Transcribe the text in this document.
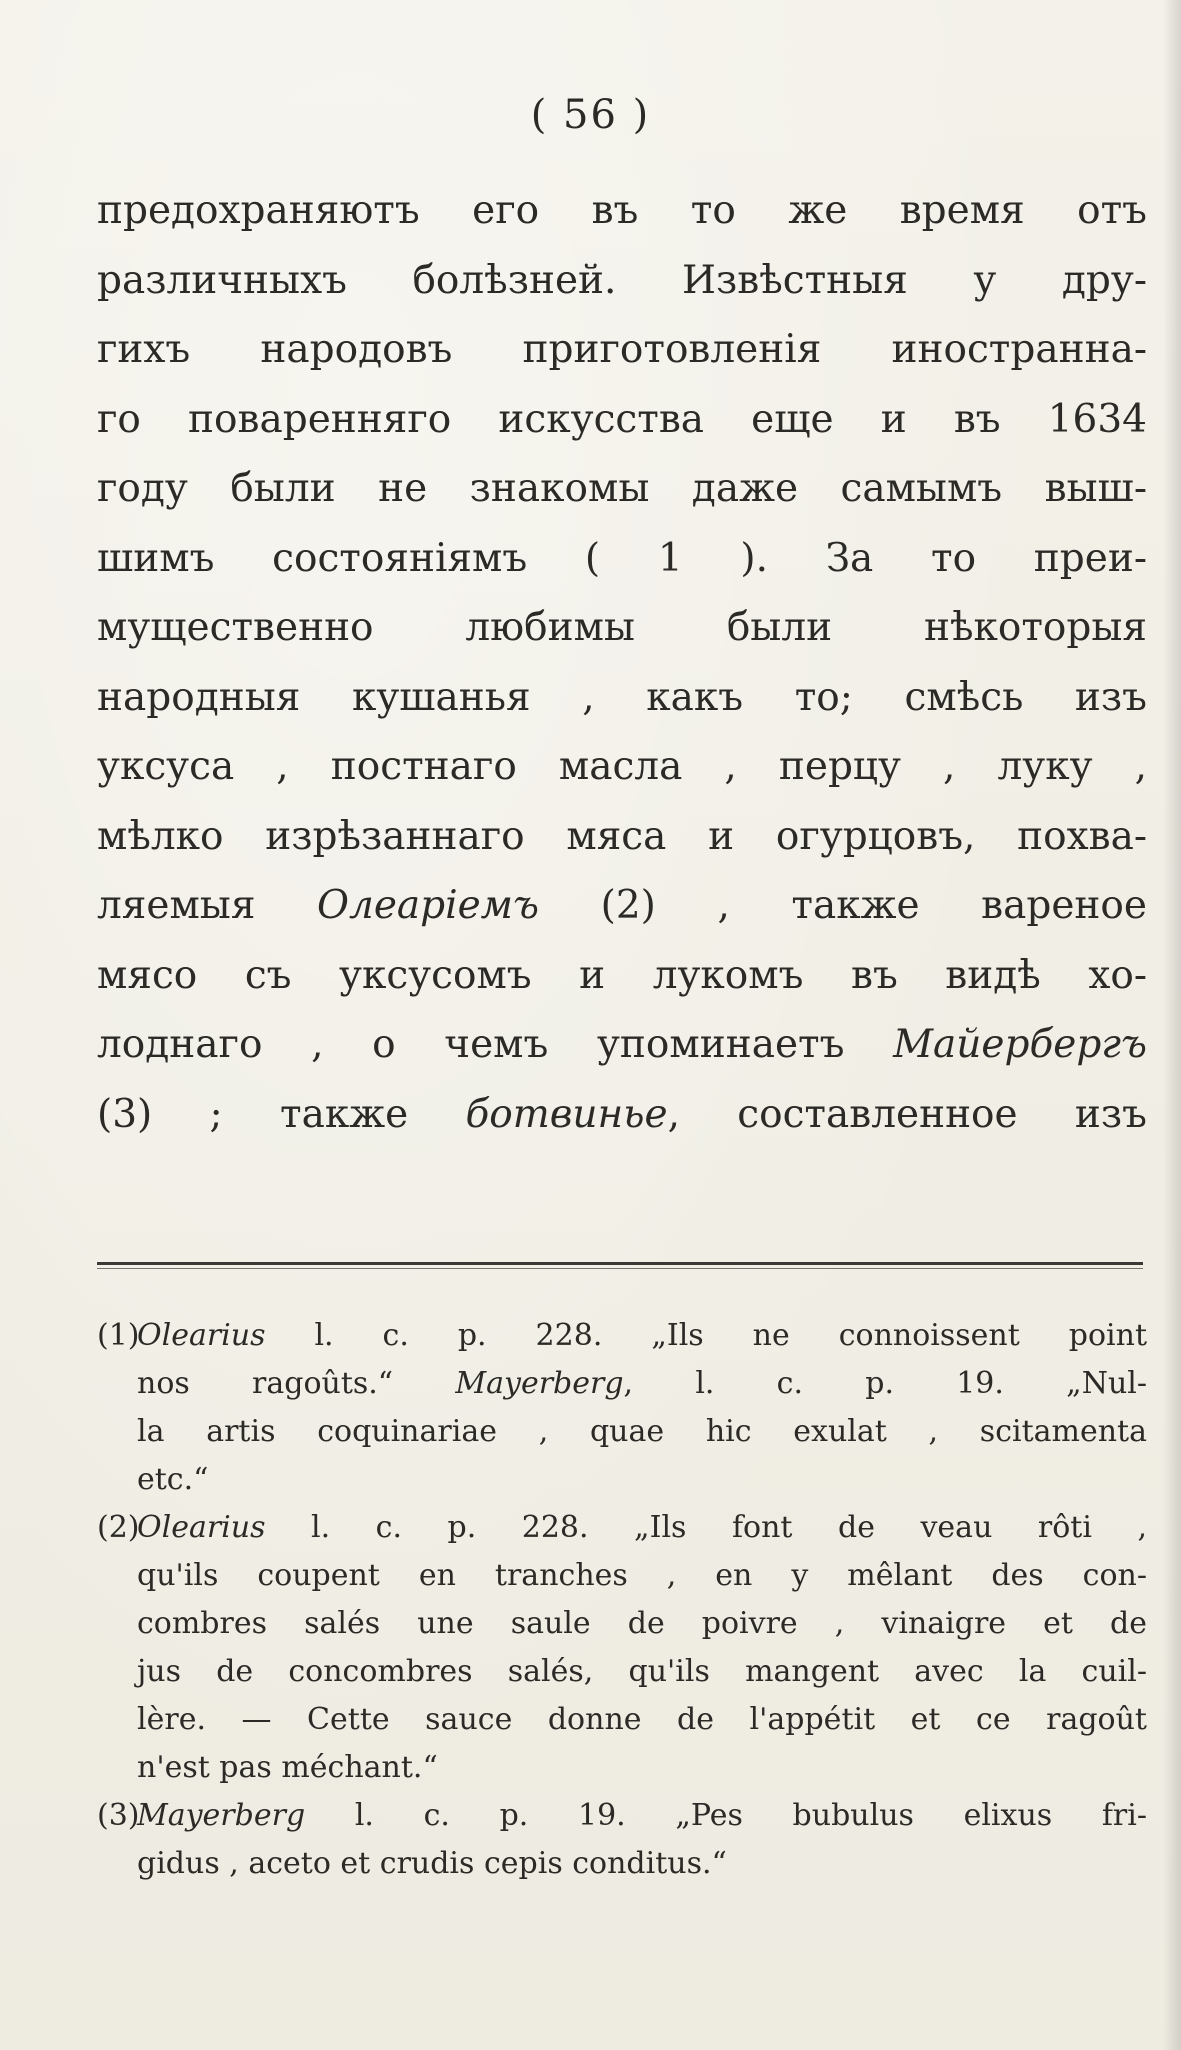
( 56 )
предохраняютъ его въ то же время отъ
различныхъ болѣзней. Извѣстныя у дру-
гихъ народовъ приготовленія иностранна-
го поваренняго искусства еще и въ 1634
году были не знакомы даже самымъ выш-
шимъ состояніямъ ( 1 ). За то преи-
мущественно любимы были нѣкоторыя
народныя кушанья , какъ то; смѣсь изъ
уксуса , постнаго масла , перцу , луку ,
мѣлко изрѣзаннаго мяса и огурцовъ, похва-
ляемыя Олеаріемъ (2) , также вареное
мясо съ уксусомъ и лукомъ въ видѣ хо-
лоднаго , о чемъ упоминаетъ Майербергъ
(3) ; также ботвинье, составленное изъ
(1)Olearius l. c. p. 228. „Ils ne connoissent point
nos ragoûts.“ Mayerberg, l. c. p. 19. „Nul-
la artis coquinariae , quae hic exulat , scitamenta
etc.“
(2)Olearius l. c. p. 228. „Ils font de veau rôti ,
qu'ils coupent en tranches , en y mêlant des con-
combres salés une saule de poivre , vinaigre et de
jus de concombres salés, qu'ils mangent avec la cuil-
lère. — Cette sauce donne de l'appétit et ce ragoût
n'est pas méchant.“
(3)Mayerberg l. c. p. 19. „Pes bubulus elixus fri-
gidus , aceto et crudis cepis conditus.“
